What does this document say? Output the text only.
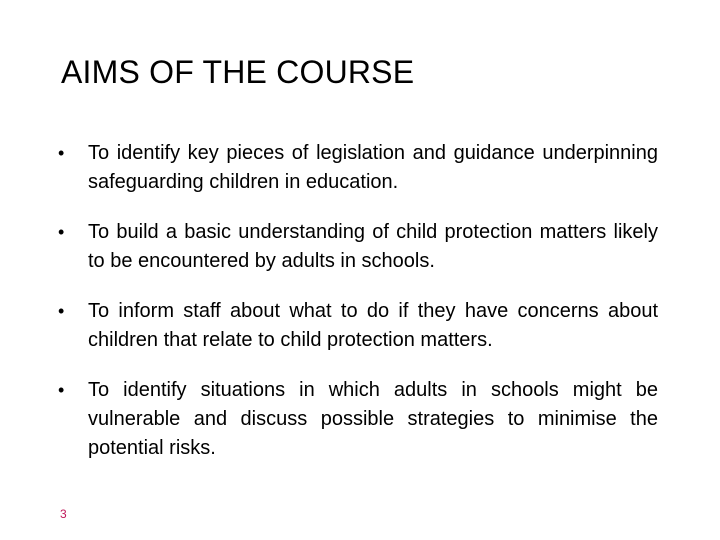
AIMS OF THE COURSE
•	To identify key pieces of legislation and guidance underpinning safeguarding children in education.
•	To build a basic understanding of child protection matters likely to be encountered by adults in schools.
•	To inform staff about what to do if they have concerns about children that relate to child protection matters.
•	To identify situations in which adults in schools might be vulnerable and discuss possible strategies to minimise the potential risks.
3
